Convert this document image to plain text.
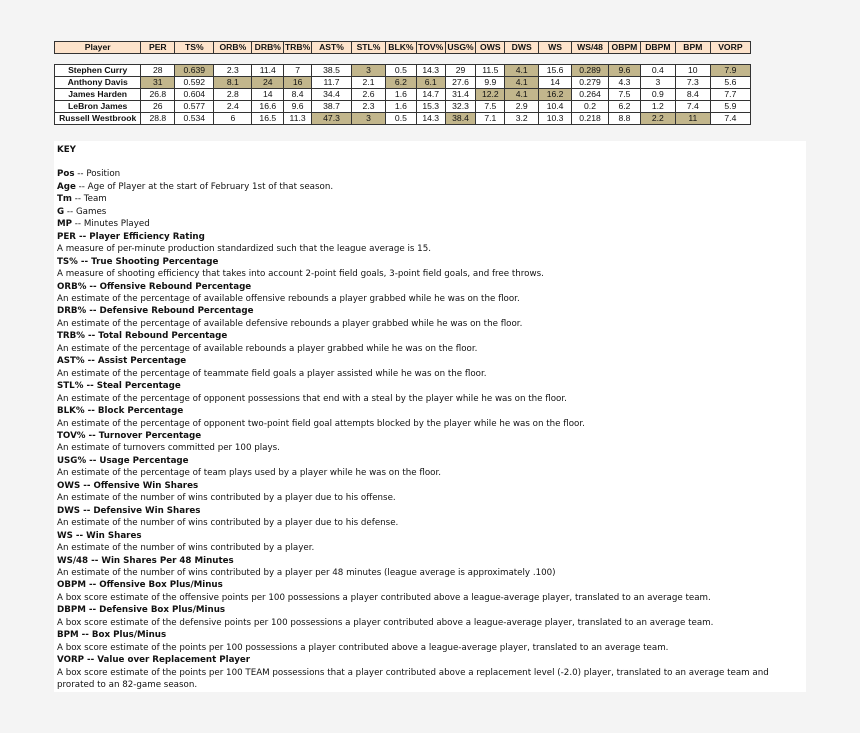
Player	PER	TS%	ORB%	DRB%	TRB%	AST%	STL%	BLK%	TOV%	USG%	OWS	DWS	WS	WS/48	OBPM	DBPM	BPM	VORP

Stephen Curry	28	0.639	2.3	11.4	7	38.5	3	0.5	14.3	29	11.5	4.1	15.6	0.289	9.6	0.4	10	7.9
Anthony Davis	31	0.592	8.1	24	16	11.7	2.1	6.2	6.1	27.6	9.9	4.1	14	0.279	4.3	3	7.3	5.6
James Harden	26.8	0.604	2.8	14	8.4	34.4	2.6	1.6	14.7	31.4	12.2	4.1	16.2	0.264	7.5	0.9	8.4	7.7
LeBron James	26	0.577	2.4	16.6	9.6	38.7	2.3	1.6	15.3	32.3	7.5	2.9	10.4	0.2	6.2	1.2	7.4	5.9
Russell Westbrook	28.8	0.534	6	16.5	11.3	47.3	3	0.5	14.3	38.4	7.1	3.2	10.3	0.218	8.8	2.2	11	7.4
KEY
Pos -- Position
Age -- Age of Player at the start of February 1st of that season.
Tm -- Team
G -- Games
MP -- Minutes Played
PER -- Player Efficiency Rating
A measure of per-minute production standardized such that the league average is 15.
TS% -- True Shooting Percentage
A measure of shooting efficiency that takes into account 2-point field goals, 3-point field goals, and free throws.
ORB% -- Offensive Rebound Percentage
An estimate of the percentage of available offensive rebounds a player grabbed while he was on the floor.
DRB% -- Defensive Rebound Percentage
An estimate of the percentage of available defensive rebounds a player grabbed while he was on the floor.
TRB% -- Total Rebound Percentage
An estimate of the percentage of available rebounds a player grabbed while he was on the floor.
AST% -- Assist Percentage
An estimate of the percentage of teammate field goals a player assisted while he was on the floor.
STL% -- Steal Percentage
An estimate of the percentage of opponent possessions that end with a steal by the player while he was on the floor.
BLK% -- Block Percentage
An estimate of the percentage of opponent two-point field goal attempts blocked by the player while he was on the floor.
TOV% -- Turnover Percentage
An estimate of turnovers committed per 100 plays.
USG% -- Usage Percentage
An estimate of the percentage of team plays used by a player while he was on the floor.
OWS -- Offensive Win Shares
An estimate of the number of wins contributed by a player due to his offense.
DWS -- Defensive Win Shares
An estimate of the number of wins contributed by a player due to his defense.
WS -- Win Shares
An estimate of the number of wins contributed by a player.
WS/48 -- Win Shares Per 48 Minutes
An estimate of the number of wins contributed by a player per 48 minutes (league average is approximately .100)
OBPM -- Offensive Box Plus/Minus
A box score estimate of the offensive points per 100 possessions a player contributed above a league-average player, translated to an average team.
DBPM -- Defensive Box Plus/Minus
A box score estimate of the defensive points per 100 possessions a player contributed above a league-average player, translated to an average team.
BPM -- Box Plus/Minus
A box score estimate of the points per 100 possessions a player contributed above a league-average player, translated to an average team.
VORP -- Value over Replacement Player
A box score estimate of the points per 100 TEAM possessions that a player contributed above a replacement level (-2.0) player, translated to an average team and prorated to an 82-game season.
